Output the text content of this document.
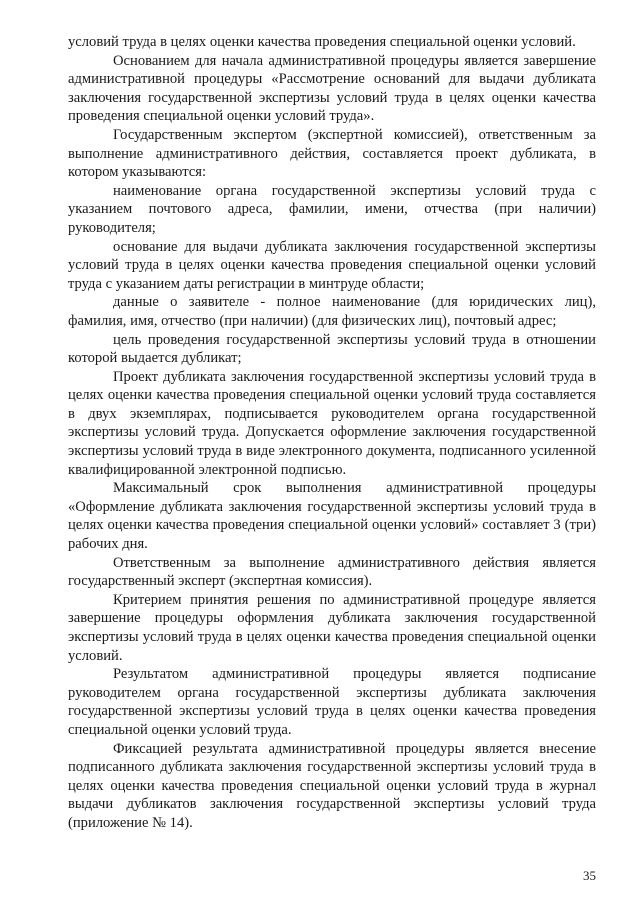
условий труда в целях оценки качества проведения специальной оценки условий.

Основанием для начала административной процедуры является завершение административной процедуры «Рассмотрение оснований для выдачи дубликата заключения государственной экспертизы условий труда в целях оценки качества проведения специальной оценки условий труда».

Государственным экспертом (экспертной комиссией), ответственным за выполнение административного действия, составляется проект дубликата, в котором указываются:

наименование органа государственной экспертизы условий труда с указанием почтового адреса, фамилии, имени, отчества (при наличии) руководителя;

основание для выдачи дубликата заключения государственной экспертизы условий труда в целях оценки качества проведения специальной оценки условий труда с указанием даты регистрации в минтруде области;

данные о заявителе - полное наименование (для юридических лиц), фамилия, имя, отчество (при наличии) (для физических лиц), почтовый адрес;

цель проведения государственной экспертизы условий труда в отношении которой выдается дубликат;

Проект дубликата заключения государственной экспертизы условий труда в целях оценки качества проведения специальной оценки условий труда составляется в двух экземплярах, подписывается руководителем органа государственной экспертизы условий труда. Допускается оформление заключения государственной экспертизы условий труда в виде электронного документа, подписанного усиленной квалифицированной электронной подписью.

Максимальный срок выполнения административной процедуры «Оформление дубликата заключения государственной экспертизы условий труда в целях оценки качества проведения специальной оценки условий» составляет 3 (три) рабочих дня.

Ответственным за выполнение административного действия является государственный эксперт (экспертная комиссия).

Критерием принятия решения по административной процедуре является завершение процедуры оформления дубликата заключения государственной экспертизы условий труда в целях оценки качества проведения специальной оценки условий.

Результатом административной процедуры является подписание руководителем органа государственной экспертизы дубликата заключения государственной экспертизы условий труда в целях оценки качества проведения специальной оценки условий труда.

Фиксацией результата административной процедуры является внесение подписанного дубликата заключения государственной экспертизы условий труда в целях оценки качества проведения специальной оценки условий труда в журнал выдачи дубликатов заключения государственной экспертизы условий труда (приложение № 14).

35
